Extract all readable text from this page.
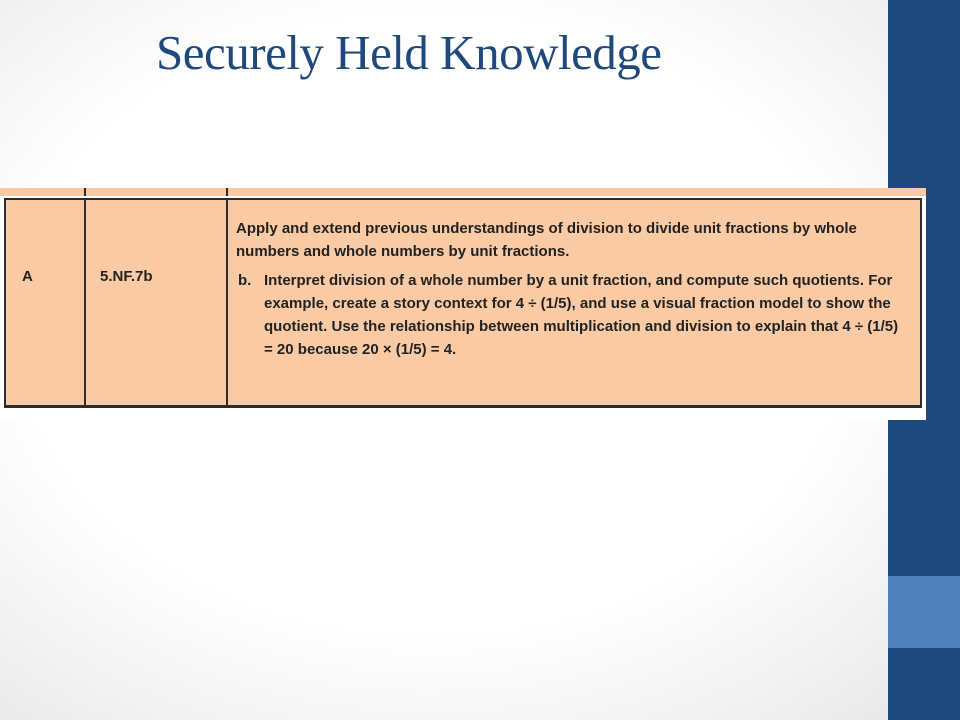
Securely Held Knowledge
A	5.NF.7b

Apply and extend previous understandings of division to divide unit fractions by whole numbers and whole numbers by unit fractions.

b. Interpret division of a whole number by a unit fraction, and compute such quotients. For example, create a story context for 4 ÷ (1/5), and use a visual fraction model to show the quotient. Use the relationship between multiplication and division to explain that 4 ÷ (1/5) = 20 because 20 × (1/5) = 4.
